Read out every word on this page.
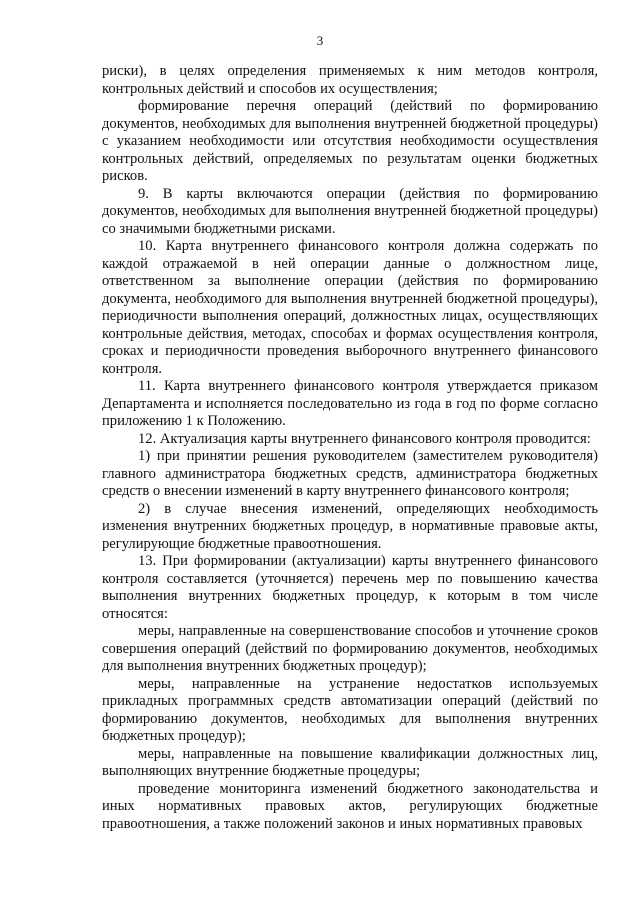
3

риски), в целях определения применяемых к ним методов контроля, контрольных действий и способов их осуществления;

формирование перечня операций (действий по формированию документов, необходимых для выполнения внутренней бюджетной процедуры) с указанием необходимости или отсутствия необходимости осуществления контрольных действий, определяемых по результатам оценки бюджетных рисков.

9. В карты включаются операции (действия по формированию документов, необходимых для выполнения внутренней бюджетной процедуры) со значимыми бюджетными рисками.

10. Карта внутреннего финансового контроля должна содержать по каждой отражаемой в ней операции данные о должностном лице, ответственном за выполнение операции (действия по формированию документа, необходимого для выполнения внутренней бюджетной процедуры), периодичности выполнения операций, должностных лицах, осуществляющих контрольные действия, методах, способах и формах осуществления контроля, сроках и периодичности проведения выборочного внутреннего финансового контроля.

11. Карта внутреннего финансового контроля утверждается приказом Департамента и исполняется последовательно из года в год по форме согласно приложению 1 к Положению.

12. Актуализация карты внутреннего финансового контроля проводится:

1) при принятии решения руководителем (заместителем руководителя) главного администратора бюджетных средств, администратора бюджетных средств о внесении изменений в карту внутреннего финансового контроля;

2) в случае внесения изменений, определяющих необходимость изменения внутренних бюджетных процедур, в нормативные правовые акты, регулирующие бюджетные правоотношения.

13. При формировании (актуализации) карты внутреннего финансового контроля составляется (уточняется) перечень мер по повышению качества выполнения внутренних бюджетных процедур, к которым в том числе относятся:

меры, направленные на совершенствование способов и уточнение сроков совершения операций (действий по формированию документов, необходимых для выполнения внутренних бюджетных процедур);

меры, направленные на устранение недостатков используемых прикладных программных средств автоматизации операций (действий по формированию документов, необходимых для выполнения внутренних бюджетных процедур);

меры, направленные на повышение квалификации должностных лиц, выполняющих внутренние бюджетные процедуры;

проведение мониторинга изменений бюджетного законодательства и иных нормативных правовых актов, регулирующих бюджетные правоотношения, а также положений законов и иных нормативных правовых
